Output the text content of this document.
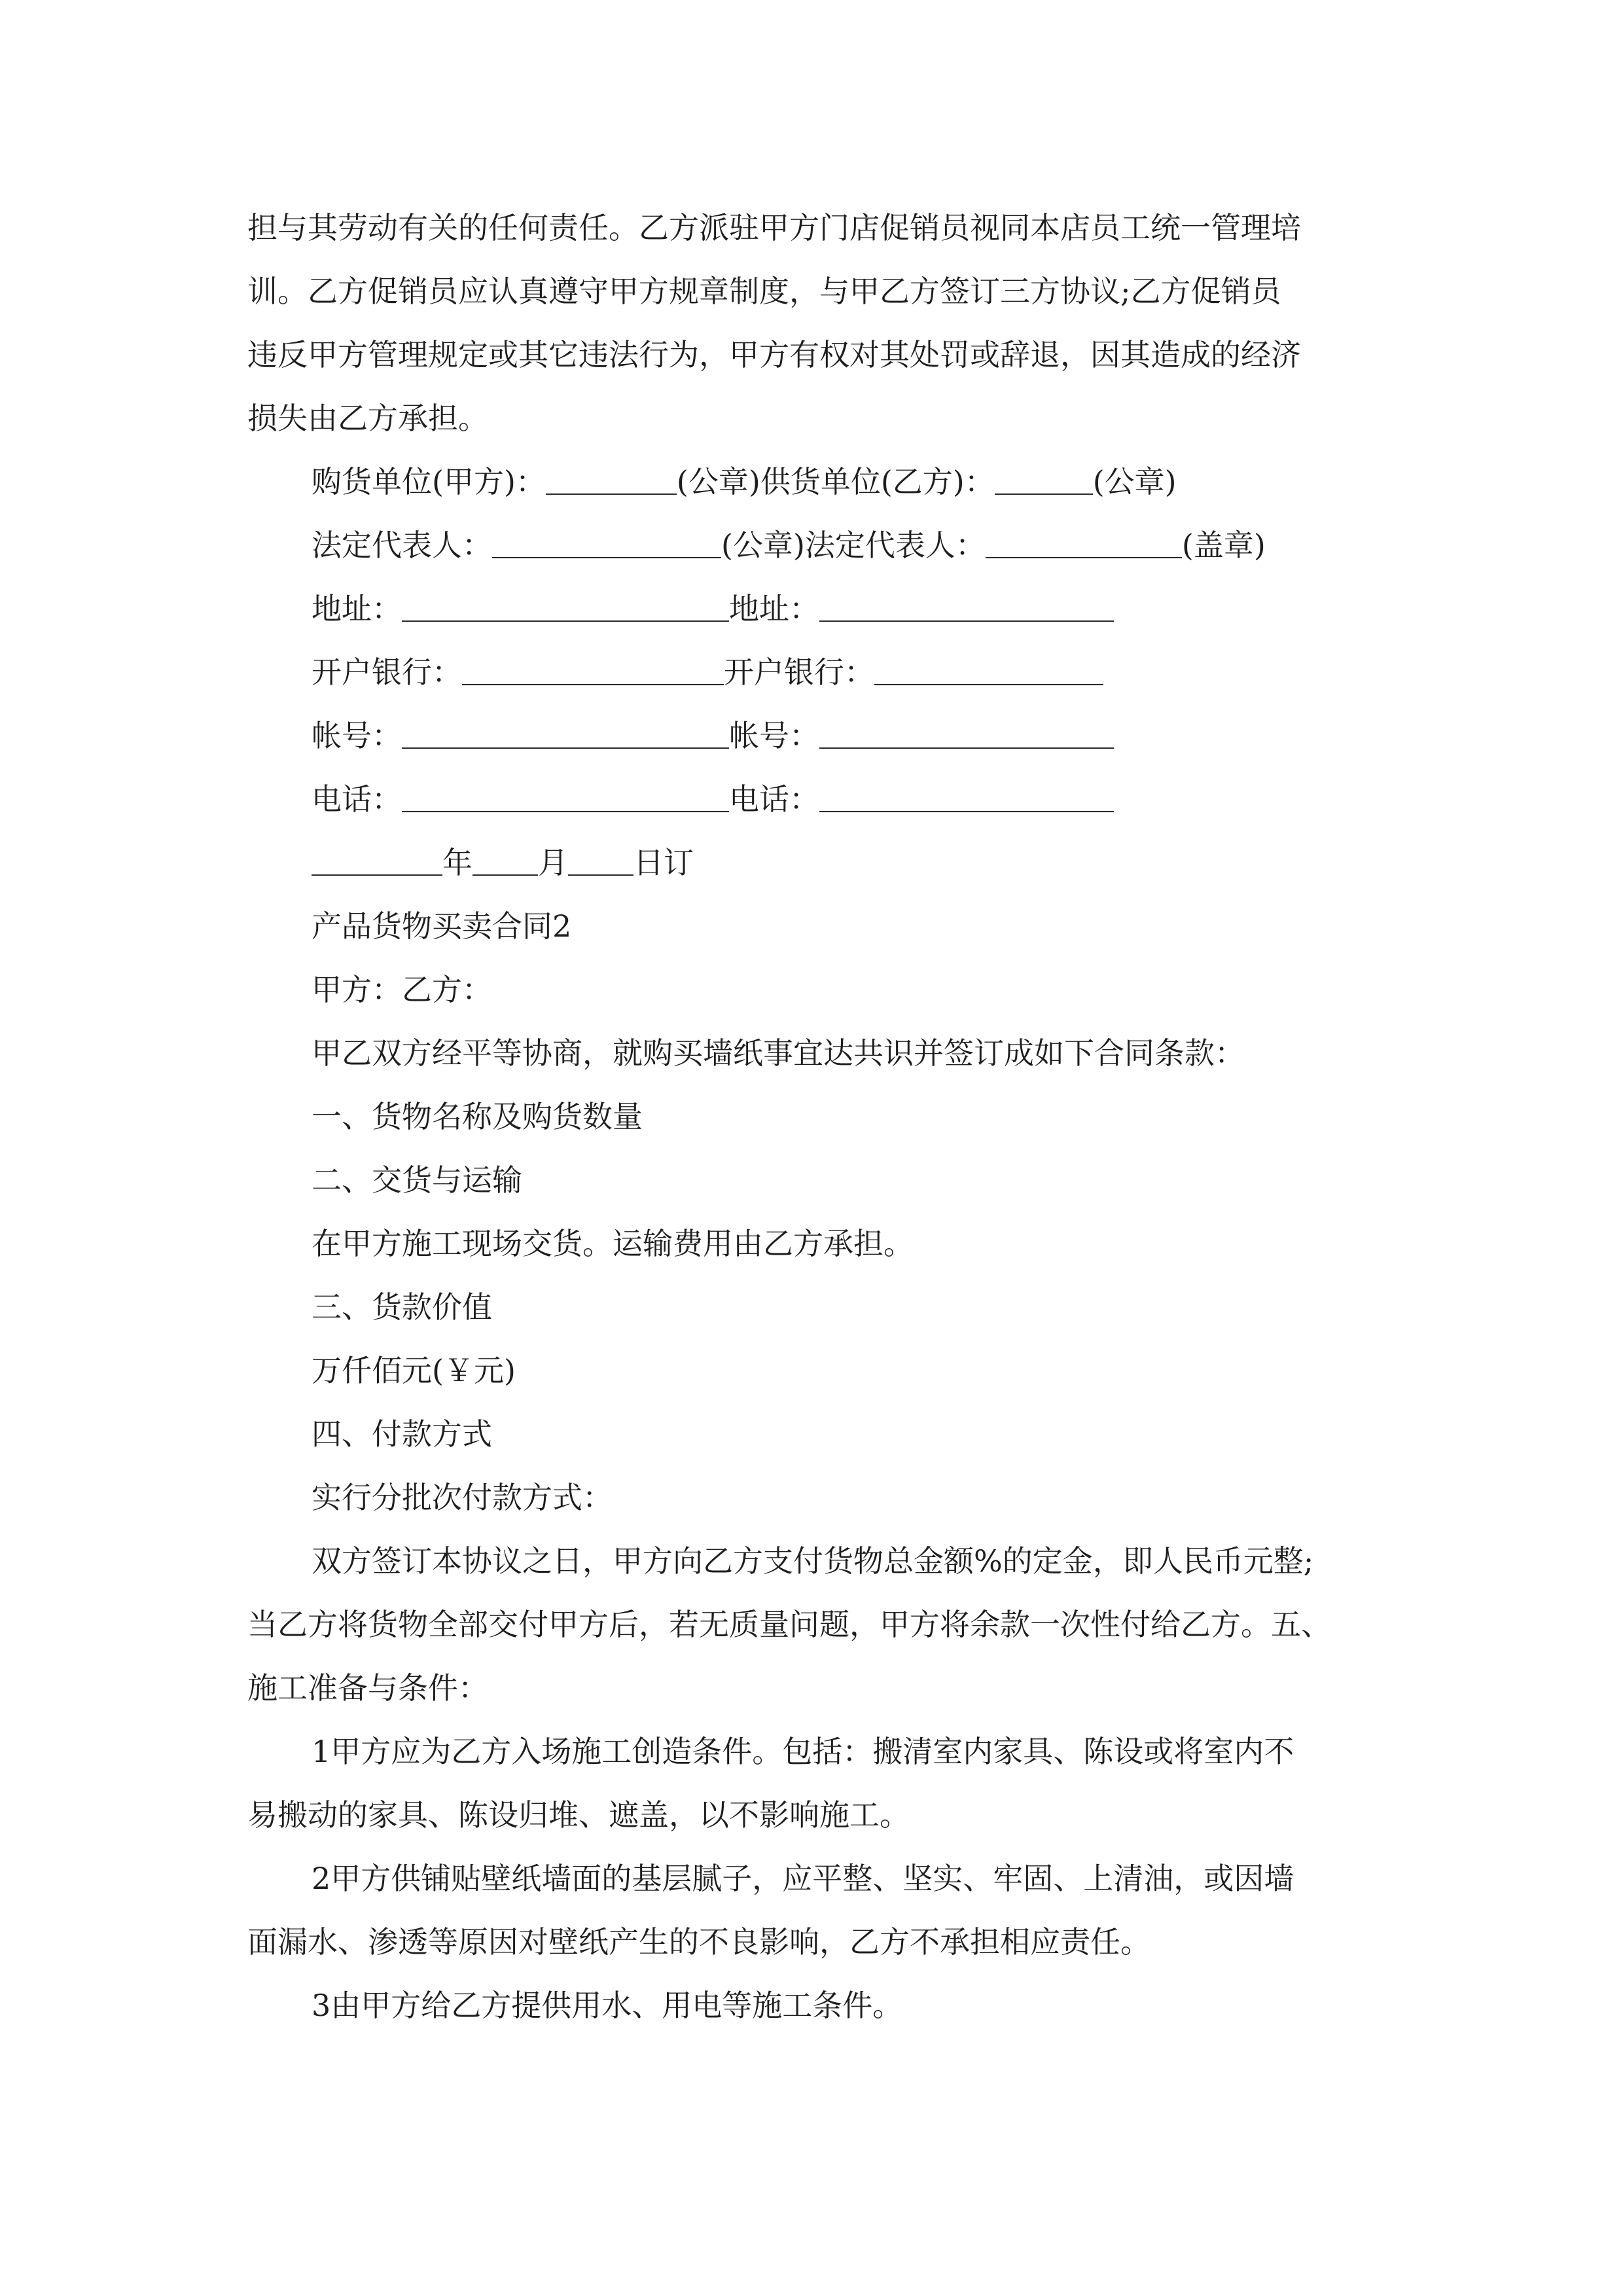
担与其劳动有关的任何责任。乙方派驻甲方门店促销员视同本店员工统一管理培

训。乙方促销员应认真遵守甲方规章制度，与甲乙方签订三方协议;乙方促销员

违反甲方管理规定或其它违法行为，甲方有权对其处罚或辞退，因其造成的经济

损失由乙方承担。

购货单位(甲方)：	(公章)供货单位(乙方)：	(公章)

法定代表人：	(公章)法定代表人：	(盖章)

地址：	地址：

开户银行：	开户银行：

帐号：	帐号：

电话：	电话：

年 月 日订

产品货物买卖合同2

甲方：乙方：

甲乙双方经平等协商，就购买墙纸事宜达共识并签订成如下合同条款：

一、货物名称及购货数量

二、交货与运输

在甲方施工现场交货。运输费用由乙方承担。

三、货款价值

万仟佰元(￥元)

四、付款方式

实行分批次付款方式：

双方签订本协议之日，甲方向乙方支付货物总金额%的定金，即人民币元整;

当乙方将货物全部交付甲方后，若无质量问题，甲方将余款一次性付给乙方。五、

施工准备与条件：

1甲方应为乙方入场施工创造条件。包括：搬清室内家具、陈设或将室内不

易搬动的家具、陈设归堆、遮盖，以不影响施工。

2甲方供铺贴壁纸墙面的基层腻子，应平整、坚实、牢固、上清油，或因墙

面漏水、渗透等原因对壁纸产生的不良影响，乙方不承担相应责任。

3由甲方给乙方提供用水、用电等施工条件。
